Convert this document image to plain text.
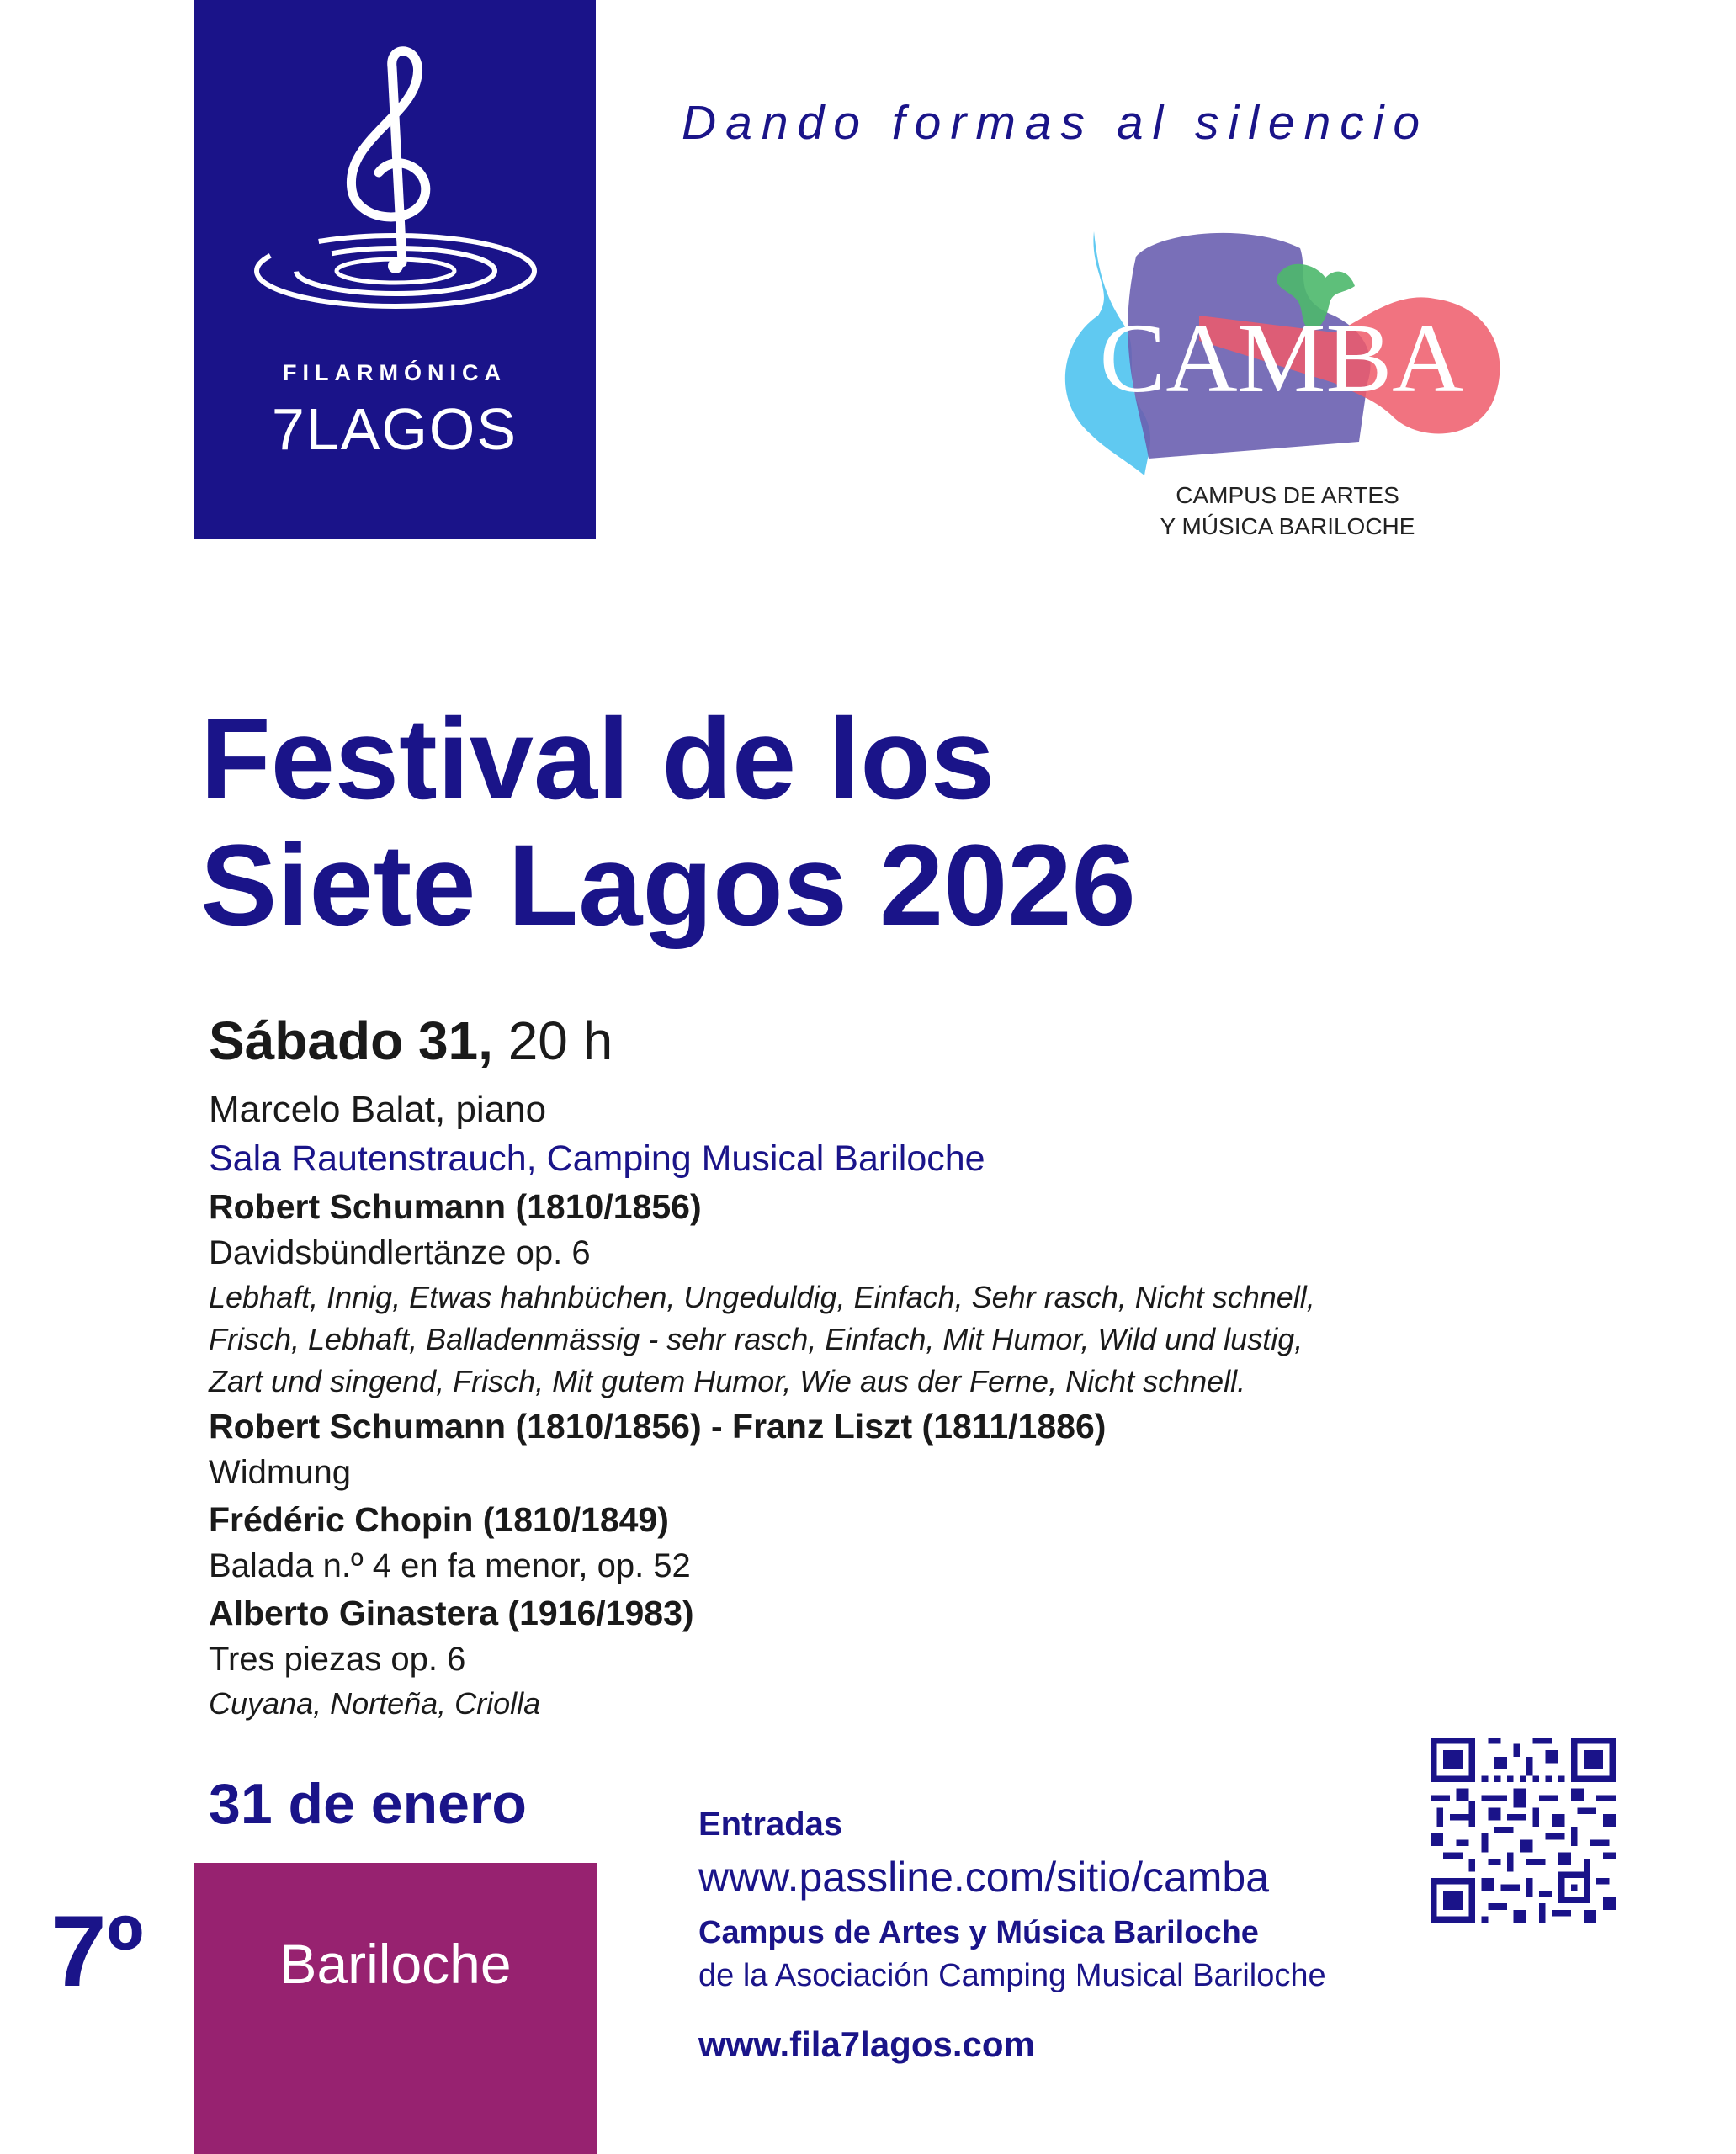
FILARMÓNICA
7LAGOS
Dando formas al silencio
CAMBA
CAMPUS DE ARTES
Y MÚSICA BARILOCHE
Festival de los
Siete Lagos 2026
Sábado 31, 20 h
Marcelo Balat, piano
Sala Rautenstrauch, Camping Musical Bariloche
Robert Schumann (1810/1856)
Davidsbündlertänze op. 6
Lebhaft, Innig, Etwas hahnbüchen, Ungeduldig, Einfach, Sehr rasch, Nicht schnell,
Frisch, Lebhaft, Balladenmässig - sehr rasch, Einfach, Mit Humor, Wild und lustig,
Zart und singend, Frisch, Mit gutem Humor, Wie aus der Ferne, Nicht schnell.
Robert Schumann (1810/1856) - Franz Liszt (1811/1886)
Widmung
Frédéric Chopin (1810/1849)
Balada n.º 4 en fa menor, op. 52
Alberto Ginastera (1916/1983)
Tres piezas op. 6
Cuyana, Norteña, Criolla
31 de enero
7º	Bariloche
Entradas
www.passline.com/sitio/camba
Campus de Artes y Música Bariloche
de la Asociación Camping Musical Bariloche
www.fila7lagos.com
